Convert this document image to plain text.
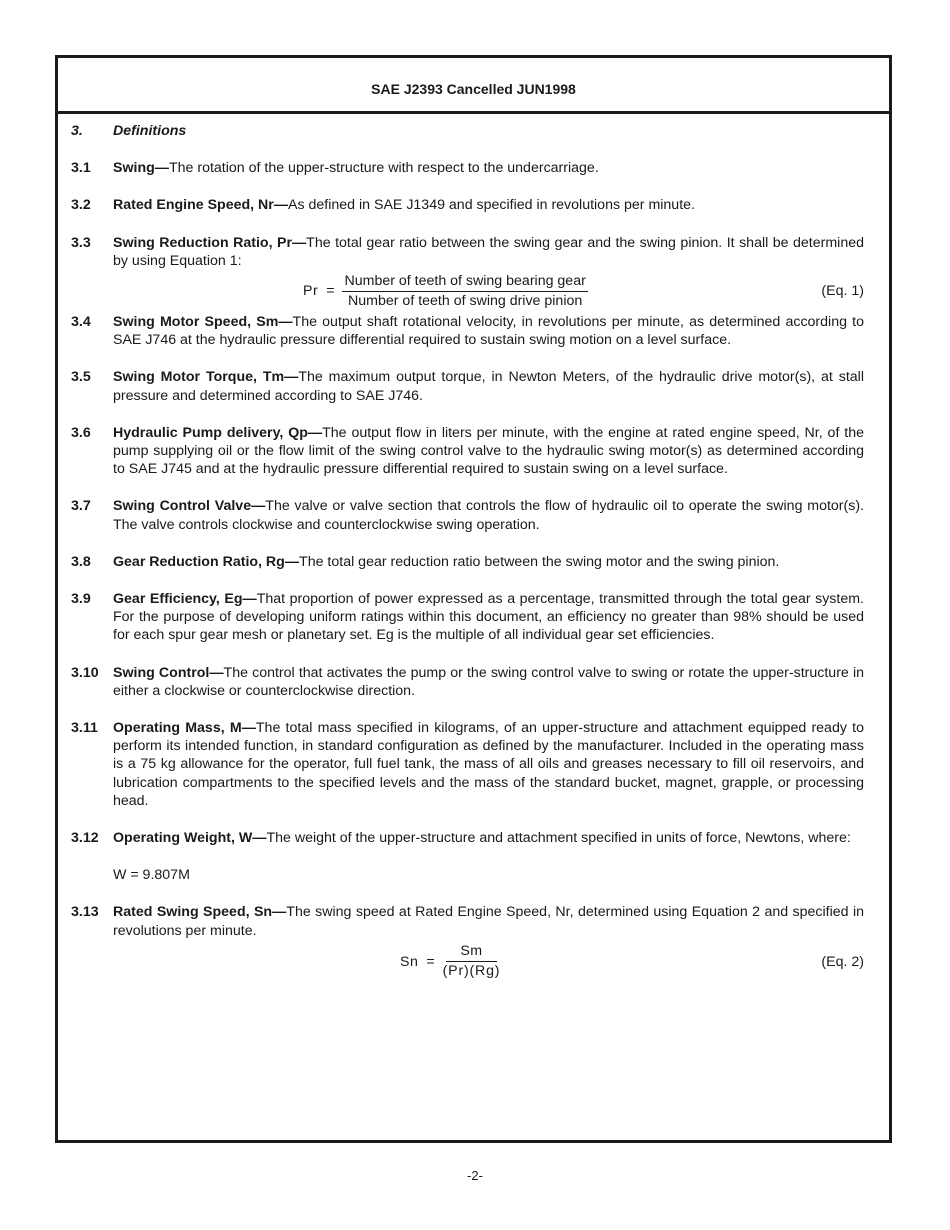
SAE J2393 Cancelled JUN1998
3.	Definitions
3.1	Swing—The rotation of the upper-structure with respect to the undercarriage.
3.2	Rated Engine Speed, Nr—As defined in SAE J1349 and specified in revolutions per minute.
3.3	Swing Reduction Ratio, Pr—The total gear ratio between the swing gear and the swing pinion. It shall be determined by using Equation 1:
$Pr = \frac{\text{Number of teeth of swing bearing gear}}{\text{Number of teeth of swing drive pinion}}$	(Eq. 1)
3.4	Swing Motor Speed, Sm—The output shaft rotational velocity, in revolutions per minute, as determined according to SAE J746 at the hydraulic pressure differential required to sustain swing motion on a level surface.
3.5	Swing Motor Torque, Tm—The maximum output torque, in Newton Meters, of the hydraulic drive motor(s), at stall pressure and determined according to SAE J746.
3.6	Hydraulic Pump delivery, Qp—The output flow in liters per minute, with the engine at rated engine speed, Nr, of the pump supplying oil or the flow limit of the swing control valve to the hydraulic swing motor(s) as determined according to SAE J745 and at the hydraulic pressure differential required to sustain swing on a level surface.
3.7	Swing Control Valve—The valve or valve section that controls the flow of hydraulic oil to operate the swing motor(s). The valve controls clockwise and counterclockwise swing operation.
3.8	Gear Reduction Ratio, Rg—The total gear reduction ratio between the swing motor and the swing pinion.
3.9	Gear Efficiency, Eg—That proportion of power expressed as a percentage, transmitted through the total gear system. For the purpose of developing uniform ratings within this document, an efficiency no greater than 98% should be used for each spur gear mesh or planetary set. Eg is the multiple of all individual gear set efficiencies.
3.10	Swing Control—The control that activates the pump or the swing control valve to swing or rotate the upper-structure in either a clockwise or counterclockwise direction.
3.11	Operating Mass, M—The total mass specified in kilograms, of an upper-structure and attachment equipped ready to perform its intended function, in standard configuration as defined by the manufacturer. Included in the operating mass is a 75 kg allowance for the operator, full fuel tank, the mass of all oils and greases necessary to fill oil reservoirs, and lubrication compartments to the specified levels and the mass of the standard bucket, magnet, grapple, or processing head.
3.12	Operating Weight, W—The weight of the upper-structure and attachment specified in units of force, Newtons, where:
W = 9.807M
3.13	Rated Swing Speed, Sn—The swing speed at Rated Engine Speed, Nr, determined using Equation 2 and specified in revolutions per minute.
$Sn = \frac{Sm}{(Pr)(Rg)}$	(Eq. 2)
-2-
